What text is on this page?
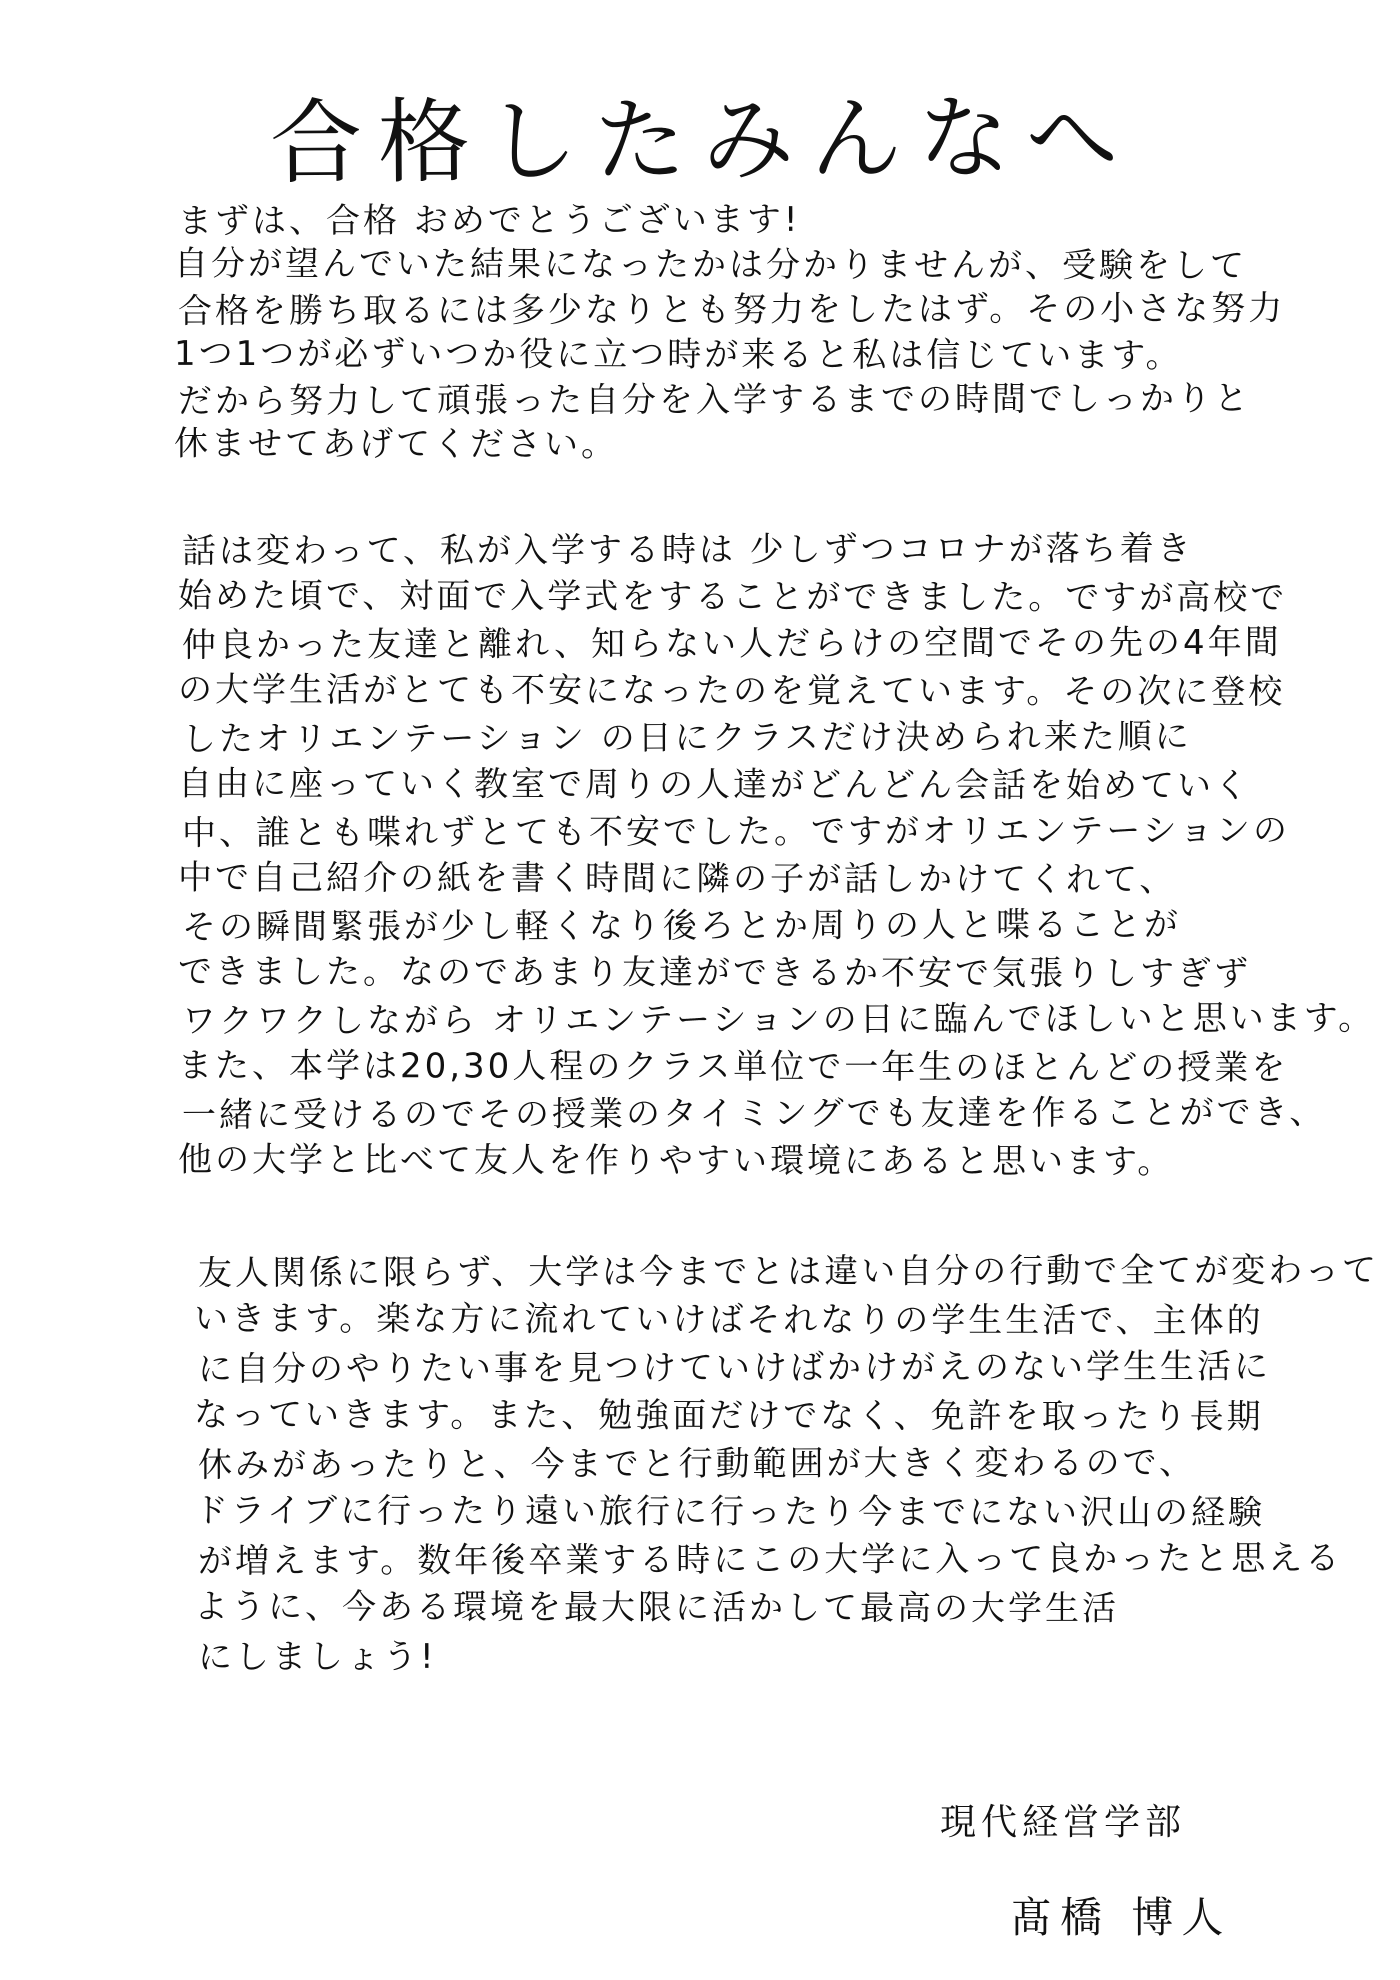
合格したみんなへ
まずは、合格 おめでとうございます!
自分が望んでいた結果になったかは分かりませんが、受験をして
合格を勝ち取るには多少なりとも努力をしたはず。その小さな努力
1つ1つが必ずいつか役に立つ時が来ると私は信じています。
だから努力して頑張った自分を入学するまでの時間でしっかりと
休ませてあげてください。
話は変わって、私が入学する時は 少しずつコロナが落ち着き
始めた頃で、対面で入学式をすることができました。ですが高校で
仲良かった友達と離れ、知らない人だらけの空間でその先の4年間
の大学生活がとても不安になったのを覚えています。その次に登校
したオリエンテーション の日にクラスだけ決められ来た順に
自由に座っていく教室で周りの人達がどんどん会話を始めていく
中、誰とも喋れずとても不安でした。ですがオリエンテーションの
中で自己紹介の紙を書く時間に隣の子が話しかけてくれて、
その瞬間緊張が少し軽くなり後ろとか周りの人と喋ることが
できました。なのであまり友達ができるか不安で気張りしすぎず
ワクワクしながら オリエンテーションの日に臨んでほしいと思います。
また、本学は20,30人程のクラス単位で一年生のほとんどの授業を
一緒に受けるのでその授業のタイミングでも友達を作ることができ、
他の大学と比べて友人を作りやすい環境にあると思います。
友人関係に限らず、大学は今までとは違い自分の行動で全てが変わって
いきます。楽な方に流れていけばそれなりの学生生活で、主体的
に自分のやりたい事を見つけていけばかけがえのない学生生活に
なっていきます。また、勉強面だけでなく、免許を取ったり長期
休みがあったりと、今までと行動範囲が大きく変わるので、
ドライブに行ったり遠い旅行に行ったり今までにない沢山の経験
が増えます。数年後卒業する時にこの大学に入って良かったと思える
ように、今ある環境を最大限に活かして最高の大学生活
にしましょう!
現代経営学部
髙橋 博人
